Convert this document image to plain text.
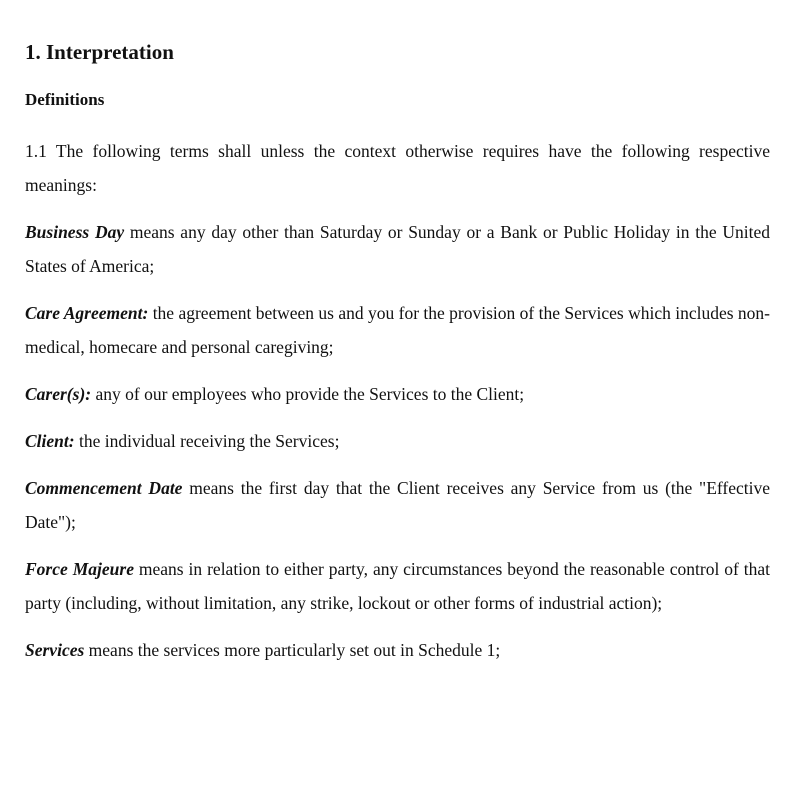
1. Interpretation
Definitions

1.1 The following terms shall unless the context otherwise requires have the following respective meanings:

Business Day means any day other than Saturday or Sunday or a Bank or Public Holiday in the United States of America;

Care Agreement: the agreement between us and you for the provision of the Services which includes non-medical, homecare and personal caregiving;

Carer(s): any of our employees who provide the Services to the Client;

Client: the individual receiving the Services;

Commencement Date means the first day that the Client receives any Service from us (the "Effective Date");

Force Majeure means in relation to either party, any circumstances beyond the reasonable control of that party (including, without limitation, any strike, lockout or other forms of industrial action);

Services means the services more particularly set out in Schedule 1;
